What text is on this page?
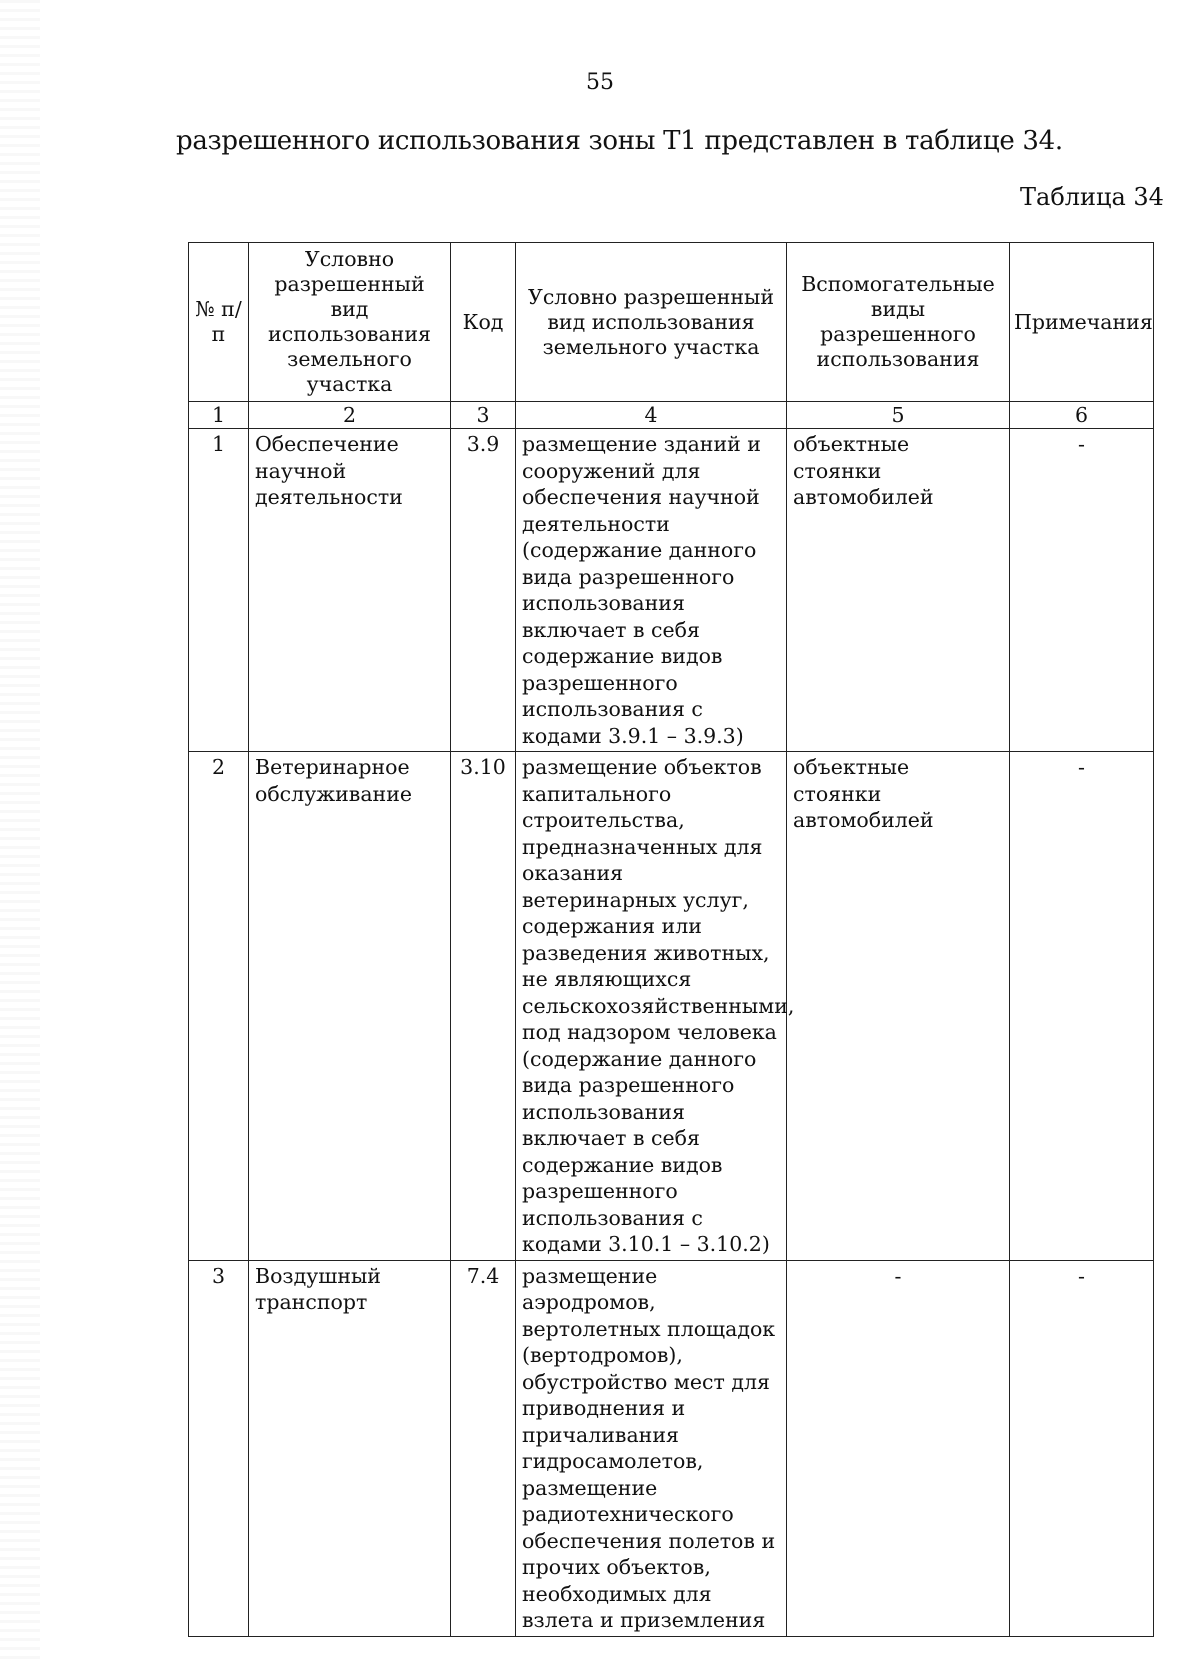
55
разрешенного использования зоны Т1 представлен в таблице 34.
Таблица 34
№ п/п	Условно разрешенный вид использования земельного участка	Код	Условно разрешенный вид использования земельного участка	Вспомогательные виды разрешенного использования	Примечания
1	2	3	4	5	6
1	Обеспечение научной деятельности	3.9	размещение зданий и сооружений для обеспечения научной деятельности (содержание данного вида разрешенного использования включает в себя содержание видов разрешенного использования с кодами 3.9.1 – 3.9.3)	объектные стоянки автомобилей	-
2	Ветеринарное обслуживание	3.10	размещение объектов капитального строительства, предназначенных для оказания ветеринарных услуг, содержания или разведения животных, не являющихся сельскохозяйственными, под надзором человека (содержание данного вида разрешенного использования включает в себя содержание видов разрешенного использования с кодами 3.10.1 – 3.10.2)	объектные стоянки автомобилей	-
3	Воздушный транспорт	7.4	размещение аэродромов, вертолетных площадок (вертодромов), обустройство мест для приводнения и причаливания гидросамолетов, размещение радиотехнического обеспечения полетов и прочих объектов, необходимых для взлета и приземления	-	-
